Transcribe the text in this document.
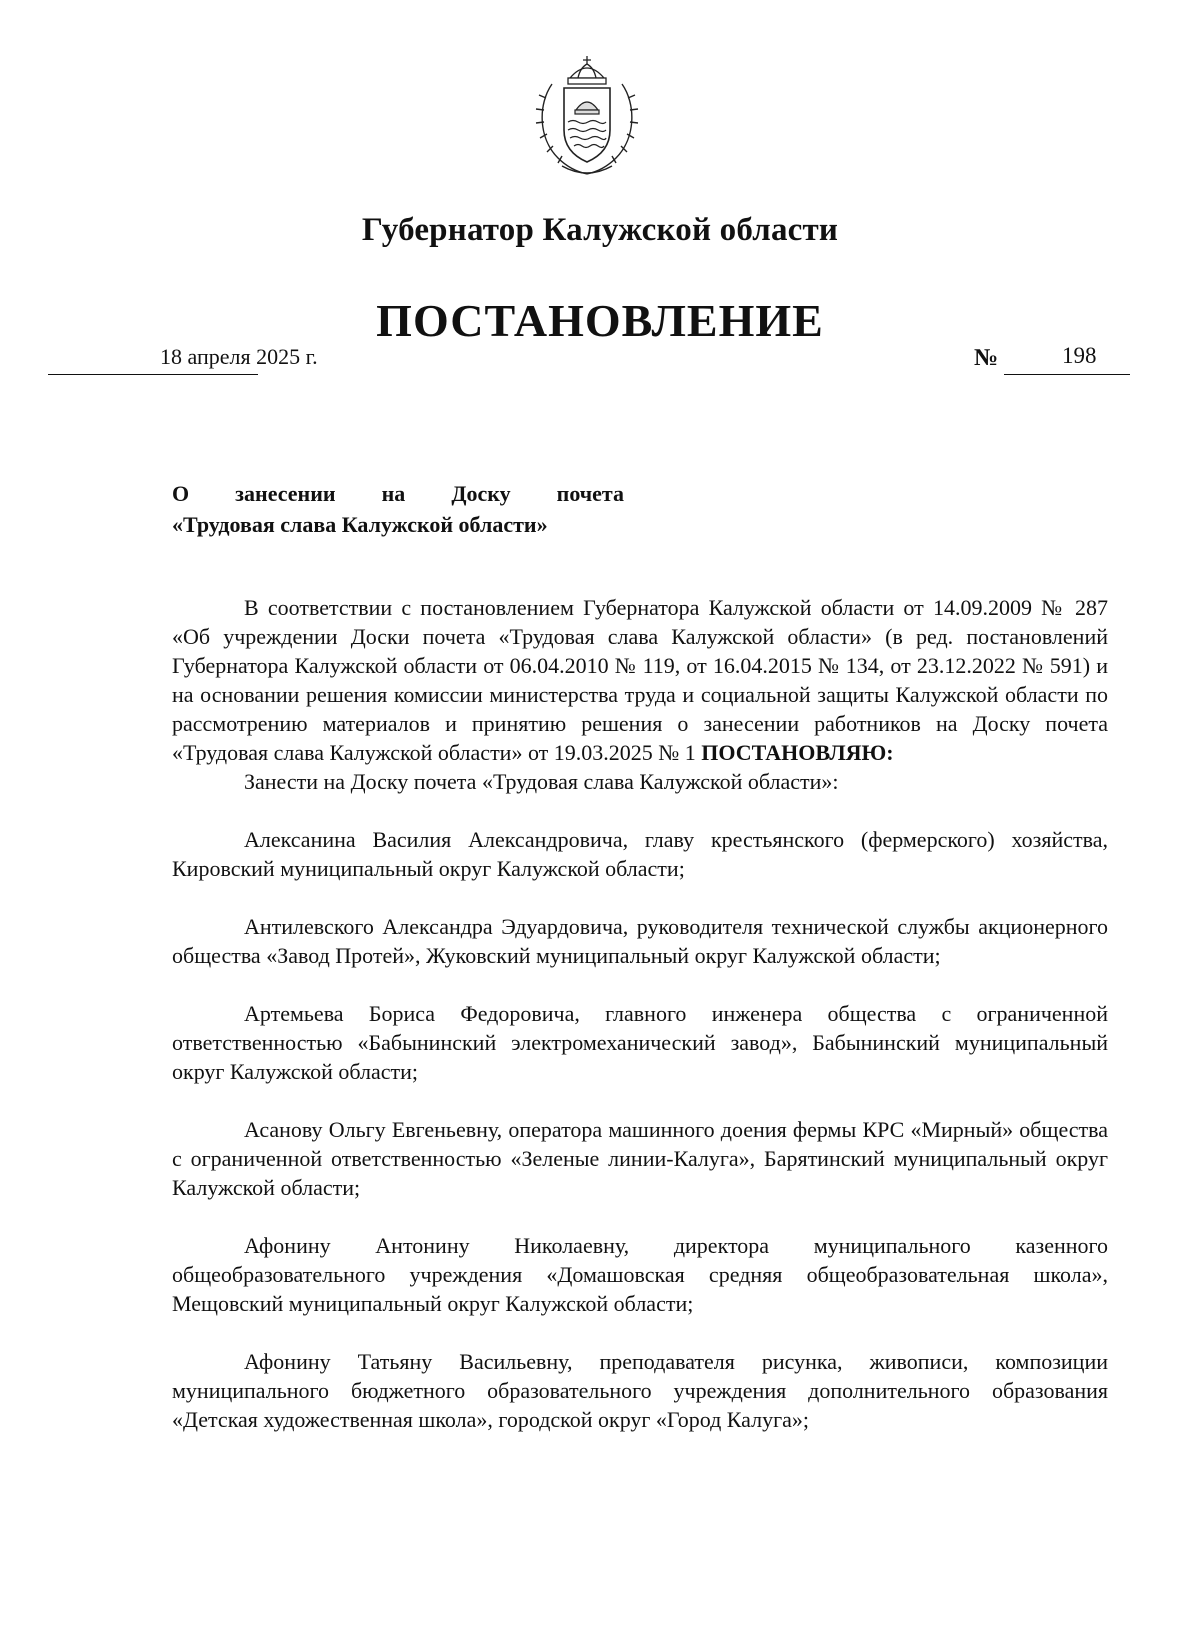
Губернатор Калужской области
ПОСТАНОВЛЕНИЕ
18 апреля 2025 г.	№	198
О занесении на Доску почета
«Трудовая слава Калужской области»

В соответствии с постановлением Губернатора Калужской области от 14.09.2009 № 287 «Об учреждении Доски почета «Трудовая слава Калужской области» (в ред. постановлений Губернатора Калужской области от 06.04.2010 № 119, от 16.04.2015 № 134, от 23.12.2022 № 591) и на основании решения комиссии министерства труда и социальной защиты Калужской области по рассмотрению материалов и принятию решения о занесении работников на Доску почета «Трудовая слава Калужской области» от 19.03.2025 № 1 ПОСТАНОВЛЯЮ:

Занести на Доску почета «Трудовая слава Калужской области»:

Алексанина Василия Александровича, главу крестьянского (фермерского) хозяйства, Кировский муниципальный округ Калужской области;

Антилевского Александра Эдуардовича, руководителя технической службы акционерного общества «Завод Протей», Жуковский муниципальный округ Калужской области;

Артемьева Бориса Федоровича, главного инженера общества с ограниченной ответственностью «Бабынинский электромеханический завод», Бабынинский муниципальный округ Калужской области;

Асанову Ольгу Евгеньевну, оператора машинного доения фермы КРС «Мирный» общества с ограниченной ответственностью «Зеленые линии-Калуга», Барятинский муниципальный округ Калужской области;

Афонину Антонину Николаевну, директора муниципального казенного общеобразовательного учреждения «Домашовская средняя общеобразовательная школа», Мещовский муниципальный округ Калужской области;

Афонину Татьяну Васильевну, преподавателя рисунка, живописи, композиции муниципального бюджетного образовательного учреждения дополнительного образования «Детская художественная школа», городской округ «Город Калуга»;
